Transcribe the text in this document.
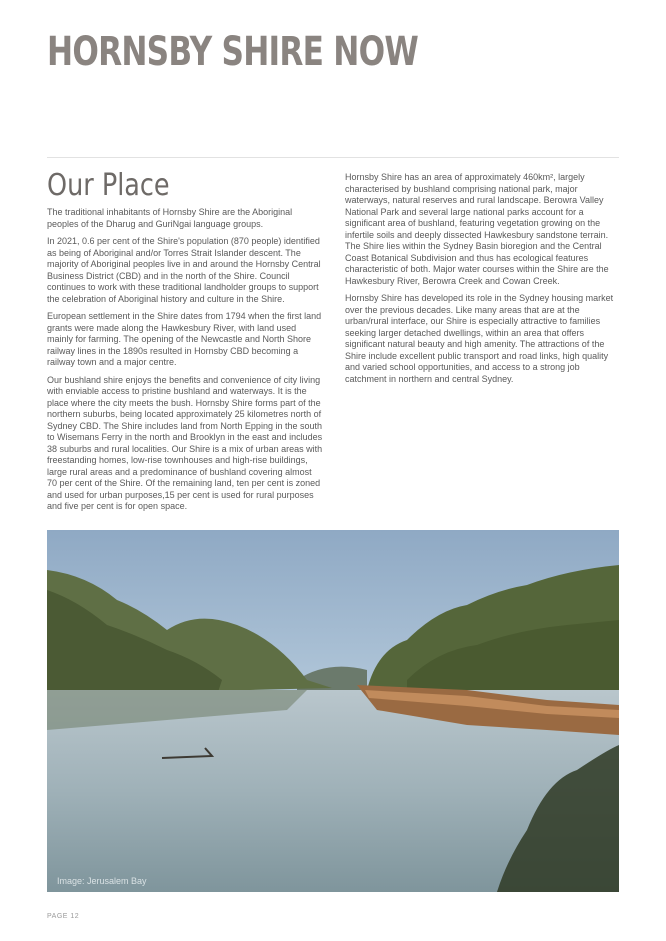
HORNSBY SHIRE NOW
Our Place

The traditional inhabitants of Hornsby Shire are the Aboriginal peoples of the Dharug and GuriNgai language groups.

In 2021, 0.6 per cent of the Shire's population (870 people) identified as being of Aboriginal and/or Torres Strait Islander descent. The majority of Aboriginal peoples live in and around the Hornsby Central Business District (CBD) and in the north of the Shire. Council continues to work with these traditional landholder groups to support the celebration of Aboriginal history and culture in the Shire.

European settlement in the Shire dates from 1794 when the first land grants were made along the Hawkesbury River, with land used mainly for farming. The opening of the Newcastle and North Shore railway lines in the 1890s resulted in Hornsby CBD becoming a railway town and a major centre.

Our bushland shire enjoys the benefits and convenience of city living with enviable access to pristine bushland and waterways. It is the place where the city meets the bush. Hornsby Shire forms part of the northern suburbs, being located approximately 25 kilometres north of Sydney CBD. The Shire includes land from North Epping in the south to Wisemans Ferry in the north and Brooklyn in the east and includes 38 suburbs and rural localities. Our Shire is a mix of urban areas with freestanding homes, low-rise townhouses and high-rise buildings, large rural areas and a predominance of bushland covering almost 70 per cent of the Shire. Of the remaining land, ten per cent is zoned and used for urban purposes,15 per cent is used for rural purposes and five per cent is for open space.

Hornsby Shire has an area of approximately 460km², largely characterised by bushland comprising national park, major waterways, natural reserves and rural landscape. Berowra Valley National Park and several large national parks account for a significant area of bushland, featuring vegetation growing on the infertile soils and deeply dissected Hawkesbury sandstone terrain. The Shire lies within the Sydney Basin bioregion and the Central Coast Botanical Subdivision and thus has ecological features characteristic of both. Major water courses within the Shire are the Hawkesbury River, Berowra Creek and Cowan Creek.

Hornsby Shire has developed its role in the Sydney housing market over the previous decades. Like many areas that are at the urban/rural interface, our Shire is especially attractive to families seeking larger detached dwellings, within an area that offers significant natural beauty and high amenity. The attractions of the Shire include excellent public transport and road links, high quality and varied school opportunities, and access to a strong job catchment in northern and central Sydney.

Image: Jerusalem Bay
PAGE 12
